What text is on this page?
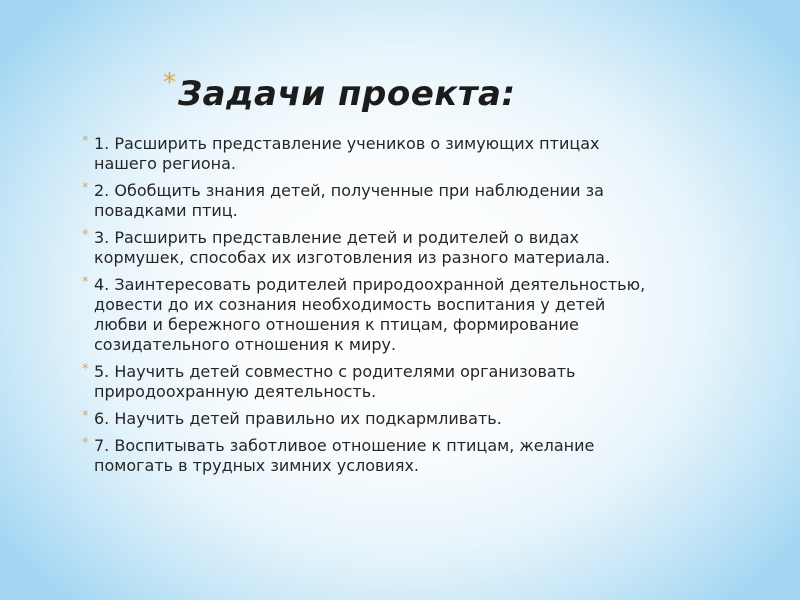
* Задачи проекта:
* 1. Расширить представление учеников о зимующих птицах
нашего региона.
* 2. Обобщить знания детей, полученные при наблюдении за
повадками птиц.
* 3. Расширить представление детей и родителей о видах
кормушек, способах их изготовления из разного материала.
* 4. Заинтересовать родителей природоохранной деятельностью,
довести до их сознания необходимость воспитания у детей
любви и бережного отношения к птицам, формирование
созидательного отношения к миру.
* 5. Научить детей совместно с родителями организовать
природоохранную деятельность.
* 6. Научить детей правильно их подкармливать.
* 7. Воспитывать заботливое отношение к птицам, желание
помогать в трудных зимних условиях.
